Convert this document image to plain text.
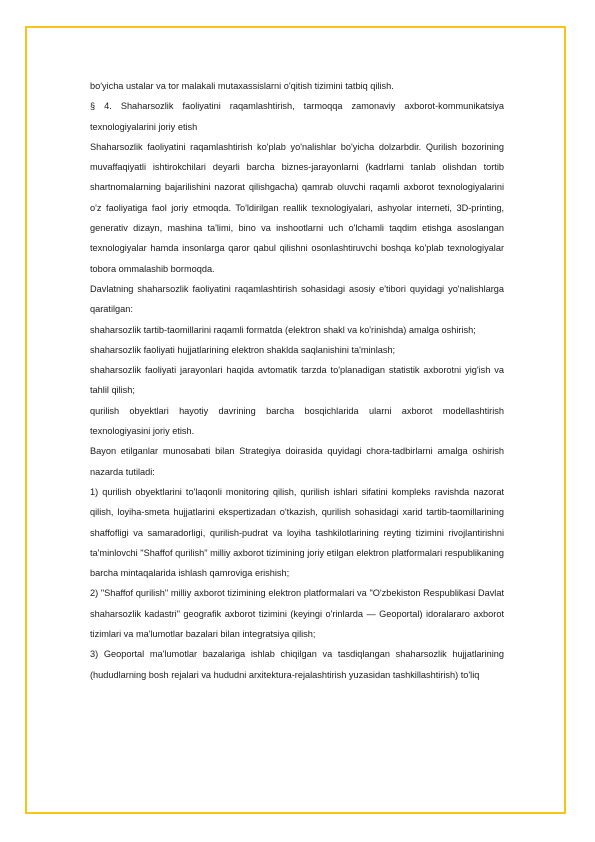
bo'yicha ustalar va tor malakali mutaxassislarni o'qitish tizimini tatbiq qilish.

§ 4. Shaharsozlik faoliyatini raqamlashtirish, tarmoqqa zamonaviy axborot-kommunikatsiya texnologiyalarini joriy etish

Shaharsozlik faoliyatini raqamlashtirish ko'plab yo'nalishlar bo'yicha dolzarbdir. Qurilish bozorining muvaffaqiyatli ishtirokchilari deyarli barcha biznes-jarayonlarni (kadrlarni tanlab olishdan tortib shartnomalarning bajarilishini nazorat qilishgacha) qamrab oluvchi raqamli axborot texnologiyalarini o'z faoliyatiga faol joriy etmoqda. To'ldirilgan reallik texnologiyalari, ashyolar interneti, 3D-printing, generativ dizayn, mashina ta'limi, bino va inshootlarni uch o'lchamli taqdim etishga asoslangan texnologiyalar hamda insonlarga qaror qabul qilishni osonlashtiruvchi boshqa ko'plab texnologiyalar tobora ommalashib bormoqda.

Davlatning shaharsozlik faoliyatini raqamlashtirish sohasidagi asosiy e'tibori quyidagi yo'nalishlarga qaratilgan:

shaharsozlik tartib-taomillarini raqamli formatda (elektron shakl va ko'rinishda) amalga oshirish;

shaharsozlik faoliyati hujjatlarining elektron shaklda saqlanishini ta'minlash;

shaharsozlik faoliyati jarayonlari haqida avtomatik tarzda to'planadigan statistik axborotni yig'ish va tahlil qilish;

qurilish obyektlari hayotiy davrining barcha bosqichlarida ularni axborot modellashtirish texnologiyasini joriy etish.

Bayon etilganlar munosabati bilan Strategiya doirasida quyidagi chora-tadbirlarni amalga oshirish nazarda tutiladi:

1) qurilish obyektlarini to'laqonli monitoring qilish, qurilish ishlari sifatini kompleks ravishda nazorat qilish, loyiha-smeta hujjatlarini ekspertizadan o'tkazish, qurilish sohasidagi xarid tartib-taomillarining shaffofligi va samaradorligi, qurilish-pudrat va loyiha tashkilotlarining reyting tizimini rivojlantirishni ta'minlovchi "Shaffof qurilish" milliy axborot tizimining joriy etilgan elektron platformalari respublikaning barcha mintaqalarida ishlash qamroviga erishish;

2) "Shaffof qurilish" milliy axborot tizimining elektron platformalari va "O'zbekiston Respublikasi Davlat shaharsozlik kadastri" geografik axborot tizimini (keyingi o'rinlarda — Geoportal) idoralararo axborot tizimlari va ma'lumotlar bazalari bilan integratsiya qilish;

3) Geoportal ma'lumotlar bazalariga ishlab chiqilgan va tasdiqlangan shaharsozlik hujjatlarining (hududlarning bosh rejalari va hududni arxitektura-rejalashtirish yuzasidan tashkillashtirish) to'liq
